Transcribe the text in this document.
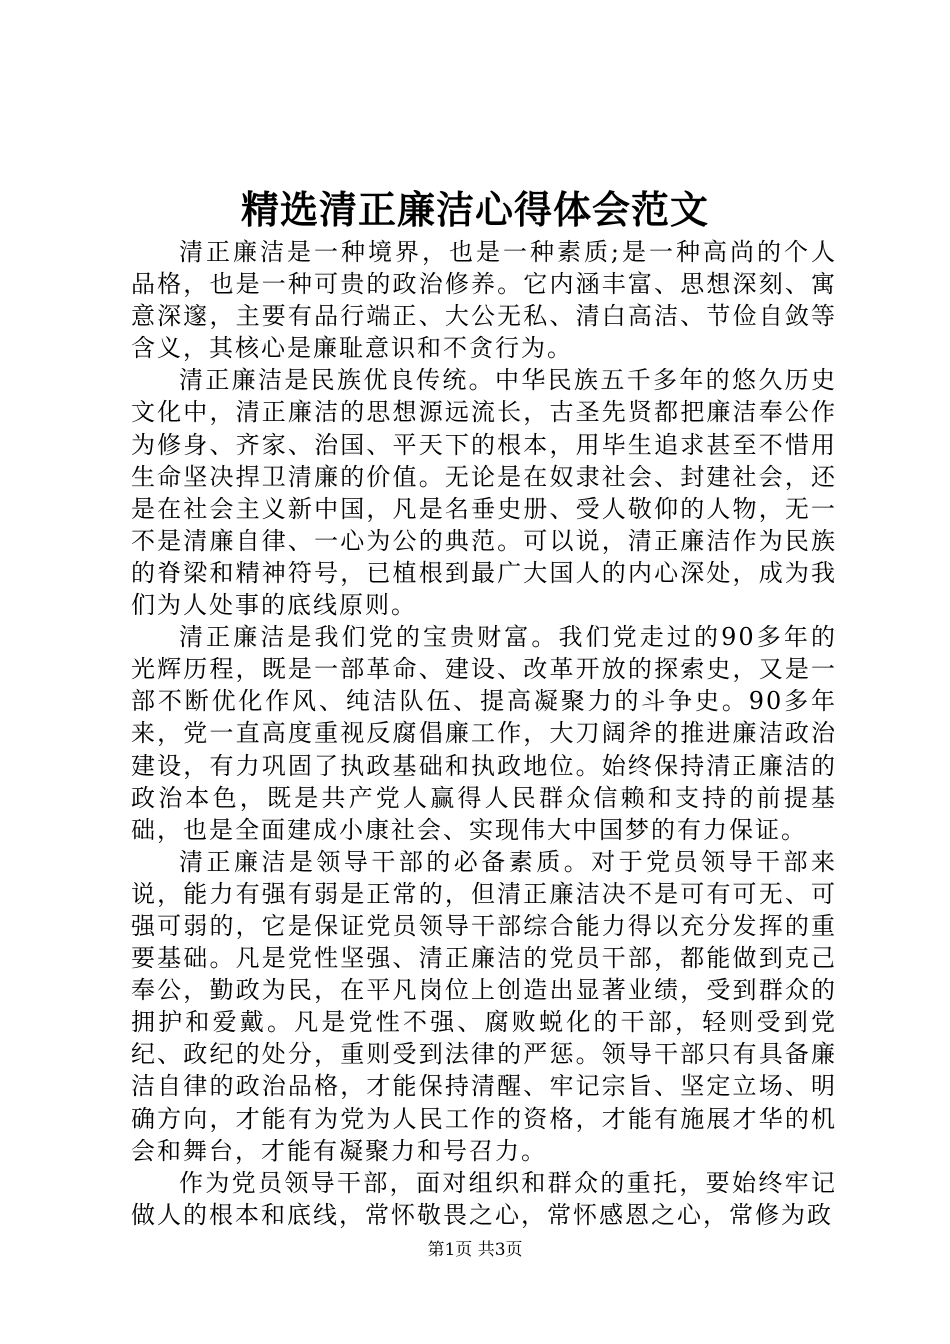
精选清正廉洁心得体会范文

清正廉洁是一种境界，也是一种素质;是一种高尚的个人品格，也是一种可贵的政治修养。它内涵丰富、思想深刻、寓意深邃，主要有品行端正、大公无私、清白高洁、节俭自敛等含义，其核心是廉耻意识和不贪行为。

清正廉洁是民族优良传统。中华民族五千多年的悠久历史文化中，清正廉洁的思想源远流长，古圣先贤都把廉洁奉公作为修身、齐家、治国、平天下的根本，用毕生追求甚至不惜用生命坚决捍卫清廉的价值。无论是在奴隶社会、封建社会，还是在社会主义新中国，凡是名垂史册、受人敬仰的人物，无一不是清廉自律、一心为公的典范。可以说，清正廉洁作为民族的脊梁和精神符号，已植根到最广大国人的内心深处，成为我们为人处事的底线原则。

清正廉洁是我们党的宝贵财富。我们党走过的90多年的光辉历程，既是一部革命、建设、改革开放的探索史，又是一部不断优化作风、纯洁队伍、提高凝聚力的斗争史。90多年来，党一直高度重视反腐倡廉工作，大刀阔斧的推进廉洁政治建设，有力巩固了执政基础和执政地位。始终保持清正廉洁的政治本色，既是共产党人赢得人民群众信赖和支持的前提基础，也是全面建成小康社会、实现伟大中国梦的有力保证。

清正廉洁是领导干部的必备素质。对于党员领导干部来说，能力有强有弱是正常的，但清正廉洁决不是可有可无、可强可弱的，它是保证党员领导干部综合能力得以充分发挥的重要基础。凡是党性坚强、清正廉洁的党员干部，都能做到克己奉公，勤政为民，在平凡岗位上创造出显著业绩，受到群众的拥护和爱戴。凡是党性不强、腐败蜕化的干部，轻则受到党纪、政纪的处分，重则受到法律的严惩。领导干部只有具备廉洁自律的政治品格，才能保持清醒、牢记宗旨、坚定立场、明确方向，才能有为党为人民工作的资格，才能有施展才华的机会和舞台，才能有凝聚力和号召力。

作为党员领导干部，面对组织和群众的重托，要始终牢记做人的根本和底线，常怀敬畏之心，常怀感恩之心，常修为政

第1页 共3页
